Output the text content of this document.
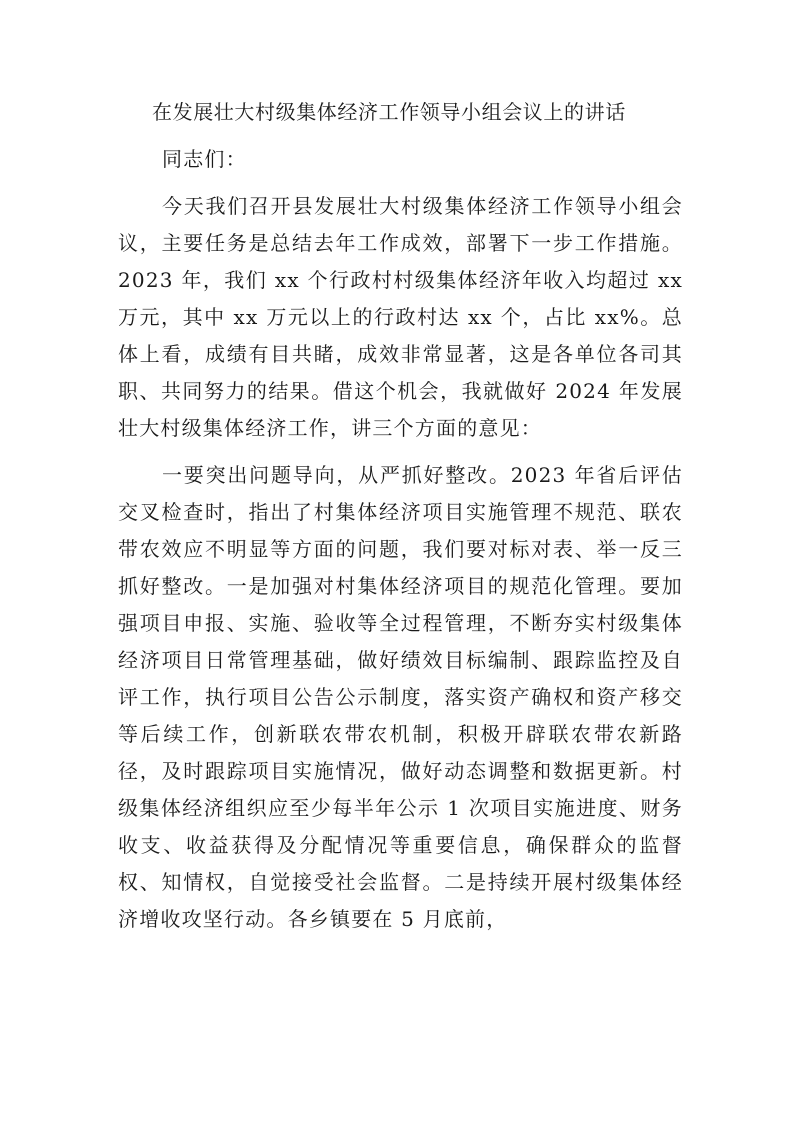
在发展壮大村级集体经济工作领导小组会议上的讲话

同志们：

今天我们召开县发展壮大村级集体经济工作领导小组会议，主要任务是总结去年工作成效，部署下一步工作措施。2023 年，我们 xx 个行政村村级集体经济年收入均超过 xx 万元，其中 xx 万元以上的行政村达 xx 个，占比 xx%。总体上看，成绩有目共睹，成效非常显著，这是各单位各司其职、共同努力的结果。借这个机会，我就做好 2024 年发展壮大村级集体经济工作，讲三个方面的意见：

一要突出问题导向，从严抓好整改。2023 年省后评估交叉检查时，指出了村集体经济项目实施管理不规范、联农带农效应不明显等方面的问题，我们要对标对表、举一反三抓好整改。一是加强对村集体经济项目的规范化管理。要加强项目申报、实施、验收等全过程管理，不断夯实村级集体经济项目日常管理基础，做好绩效目标编制、跟踪监控及自评工作，执行项目公告公示制度，落实资产确权和资产移交等后续工作，创新联农带农机制，积极开辟联农带农新路径，及时跟踪项目实施情况，做好动态调整和数据更新。村级集体经济组织应至少每半年公示 1 次项目实施进度、财务收支、收益获得及分配情况等重要信息，确保群众的监督权、知情权，自觉接受社会监督。二是持续开展村级集体经济增收攻坚行动。各乡镇要在 5 月底前，
